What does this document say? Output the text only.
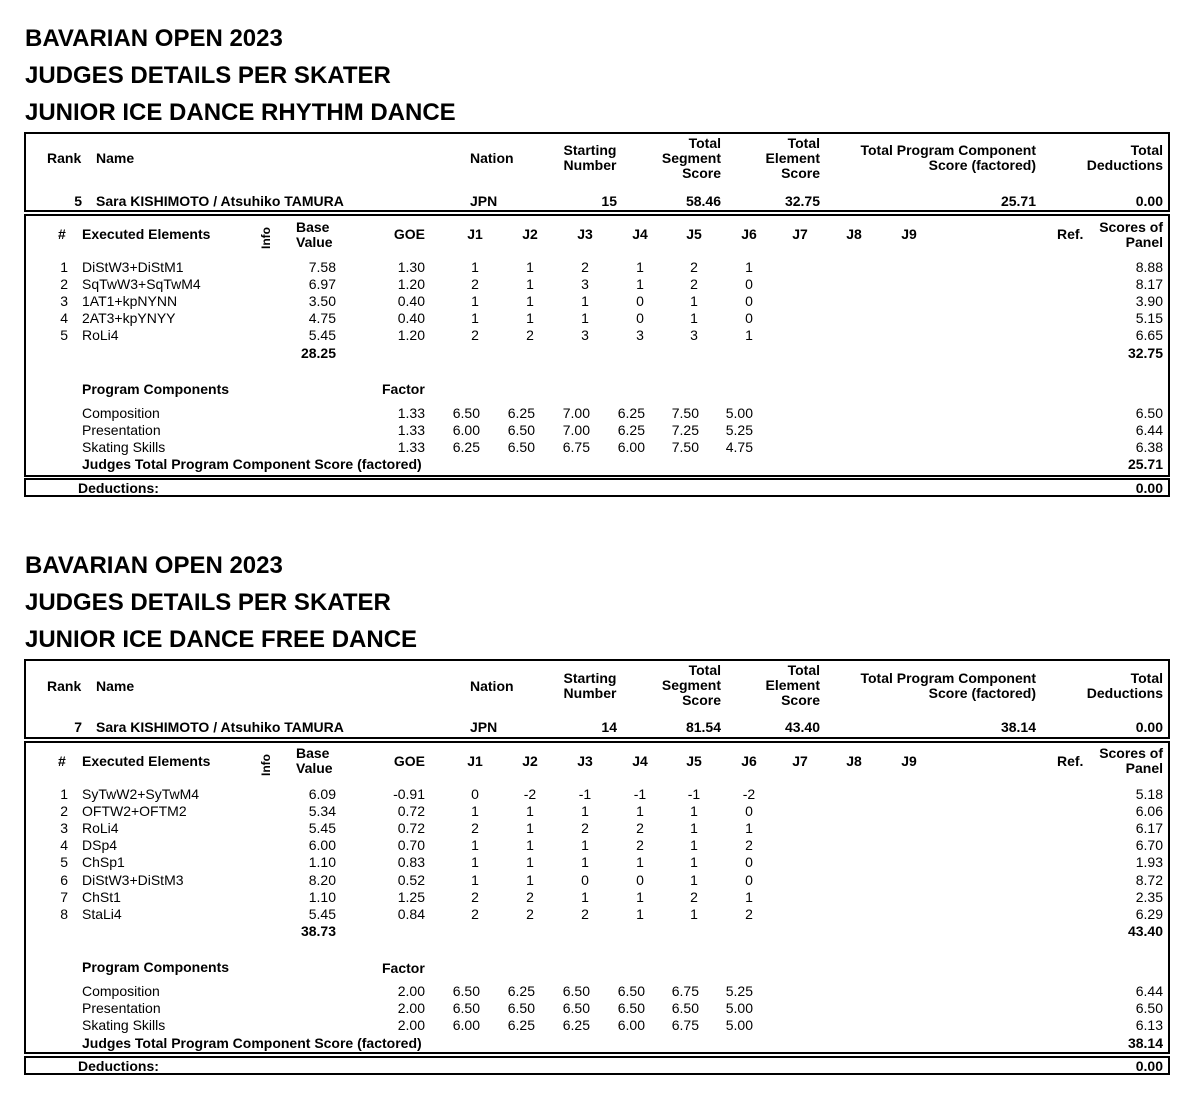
BAVARIAN OPEN 2023
JUDGES DETAILS PER SKATER
JUNIOR ICE DANCE RHYTHM DANCE
Rank Name	Nation	Starting
Number
Total
Segment
Score
Total
Element
Score
Total Program Component
Score (factored)
Total
Deductions
5 Sara KISHIMOTO / Atsuhiko TAMURA	JPN	15	58.46	32.75	25.71	0.00
# Executed Elements	Info Base
Value	GOE	J1	J2	J3	J4	J5	J6	J7	J8	J9	Ref.	Scores of
Panel
1 DiStW3+DiStM1	7.58	1.30	1	1	2	1	2	1	8.88
2 SqTwW3+SqTwM4	6.97	1.20	2	1	3	1	2	0	8.17
3 1AT1+kpNYNN	3.50	0.40	1	1	1	0	1	0	3.90
4 2AT3+kpYNYY	4.75	0.40	1	1	1	0	1	0	5.15
5 RoLi4	5.45	1.20	2	2	3	3	3	1	6.65
28.25	32.75
Program Components	Factor
Composition	1.33	6.50	6.25	7.00	6.25	7.50	5.00	6.50
Presentation	1.33	6.00	6.50	7.00	6.25	7.25	5.25	6.44
Skating Skills	1.33	6.25	6.50	6.75	6.00	7.50	4.75	6.38
Judges Total Program Component Score (factored)	25.71
Deductions:	0.00
BAVARIAN OPEN 2023
JUDGES DETAILS PER SKATER
JUNIOR ICE DANCE FREE DANCE
Rank Name	Nation	Starting
Number
Total
Segment
Score
Total
Element
Score
Total Program Component
Score (factored)
Total
Deductions
7 Sara KISHIMOTO / Atsuhiko TAMURA	JPN	14	81.54	43.40	38.14	0.00
# Executed Elements	Info
Base
Value	GOE	J1	J2	J3	J4	J5	J6	J7	J8	J9	Ref.	Scores of
Panel
1 SyTwW2+SyTwM4	6.09	-0.91	0	-2	-1	-1	-1	-2	5.18
2 OFTW2+OFTM2	5.34	0.72	1	1	1	1	1	0	6.06
3 RoLi4	5.45	0.72	2	1	2	2	1	1	6.17
4 DSp4	6.00	0.70	1	1	1	2	1	2	6.70
5 ChSp1	1.10	0.83	1	1	1	1	1	0	1.93
6 DiStW3+DiStM3	8.20	0.52	1	1	0	0	1	0	8.72
7 ChSt1	1.10	1.25	2	2	1	1	2	1	2.35
8 StaLi4	5.45	0.84	2	2	2	1	1	2	6.29
38.73	43.40
Program Components	Factor
Composition	2.00	6.50	6.25	6.50	6.50	6.75	5.25	6.44
Presentation	2.00	6.50	6.50	6.50	6.50	6.50	5.00	6.50
Skating Skills	2.00	6.00	6.25	6.25	6.00	6.75	5.00	6.13
Judges Total Program Component Score (factored)	38.14
Deductions:	0.00
